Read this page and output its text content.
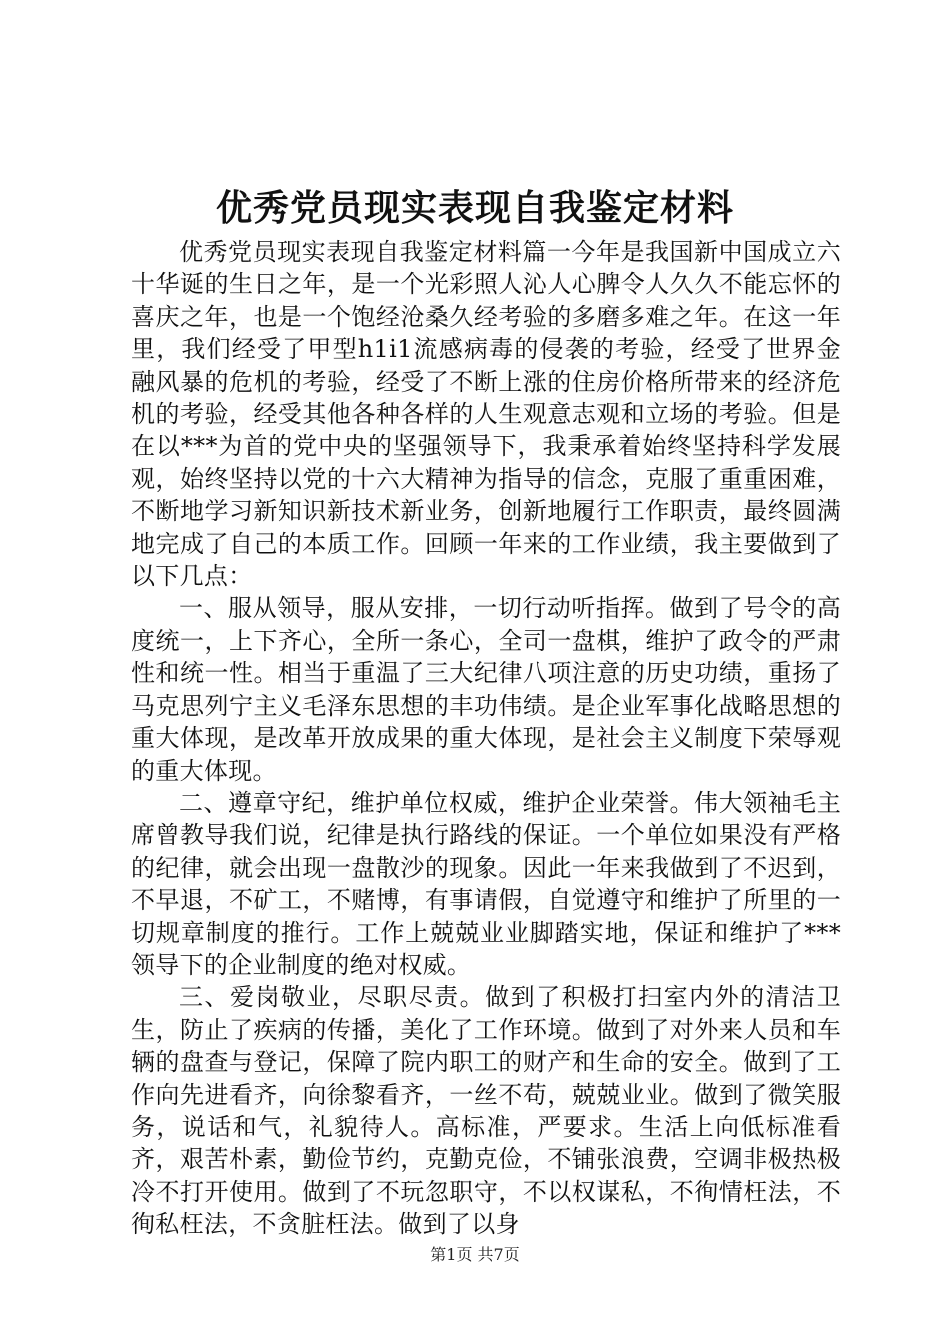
优秀党员现实表现自我鉴定材料

优秀党员现实表现自我鉴定材料篇一今年是我国新中国成立六十华诞的生日之年，是一个光彩照人沁人心脾令人久久不能忘怀的喜庆之年，也是一个饱经沧桑久经考验的多磨多难之年。在这一年里，我们经受了甲型h1i1流感病毒的侵袭的考验，经受了世界金融风暴的危机的考验，经受了不断上涨的住房价格所带来的经济危机的考验，经受其他各种各样的人生观意志观和立场的考验。但是在以***为首的党中央的坚强领导下，我秉承着始终坚持科学发展观，始终坚持以党的十六大精神为指导的信念，克服了重重困难，不断地学习新知识新技术新业务，创新地履行工作职责，最终圆满地完成了自己的本质工作。回顾一年来的工作业绩，我主要做到了以下几点：

一、服从领导，服从安排，一切行动听指挥。做到了号令的高度统一，上下齐心，全所一条心，全司一盘棋，维护了政令的严肃性和统一性。相当于重温了三大纪律八项注意的历史功绩，重扬了马克思列宁主义毛泽东思想的丰功伟绩。是企业军事化战略思想的重大体现，是改革开放成果的重大体现，是社会主义制度下荣辱观的重大体现。

二、遵章守纪，维护单位权威，维护企业荣誉。伟大领袖毛主席曾教导我们说，纪律是执行路线的保证。一个单位如果没有严格的纪律，就会出现一盘散沙的现象。因此一年来我做到了不迟到，不早退，不矿工，不赌博，有事请假，自觉遵守和维护了所里的一切规章制度的推行。工作上兢兢业业脚踏实地，保证和维护了***领导下的企业制度的绝对权威。

三、爱岗敬业，尽职尽责。做到了积极打扫室内外的清洁卫生，防止了疾病的传播，美化了工作环境。做到了对外来人员和车辆的盘查与登记，保障了院内职工的财产和生命的安全。做到了工作向先进看齐，向徐黎看齐，一丝不苟，兢兢业业。做到了微笑服务，说话和气，礼貌待人。高标准，严要求。生活上向低标准看齐，艰苦朴素，勤俭节约，克勤克俭，不铺张浪费，空调非极热极冷不打开使用。做到了不玩忽职守，不以权谋私，不徇情枉法，不徇私枉法，不贪脏枉法。做到了以身

第1页 共7页
